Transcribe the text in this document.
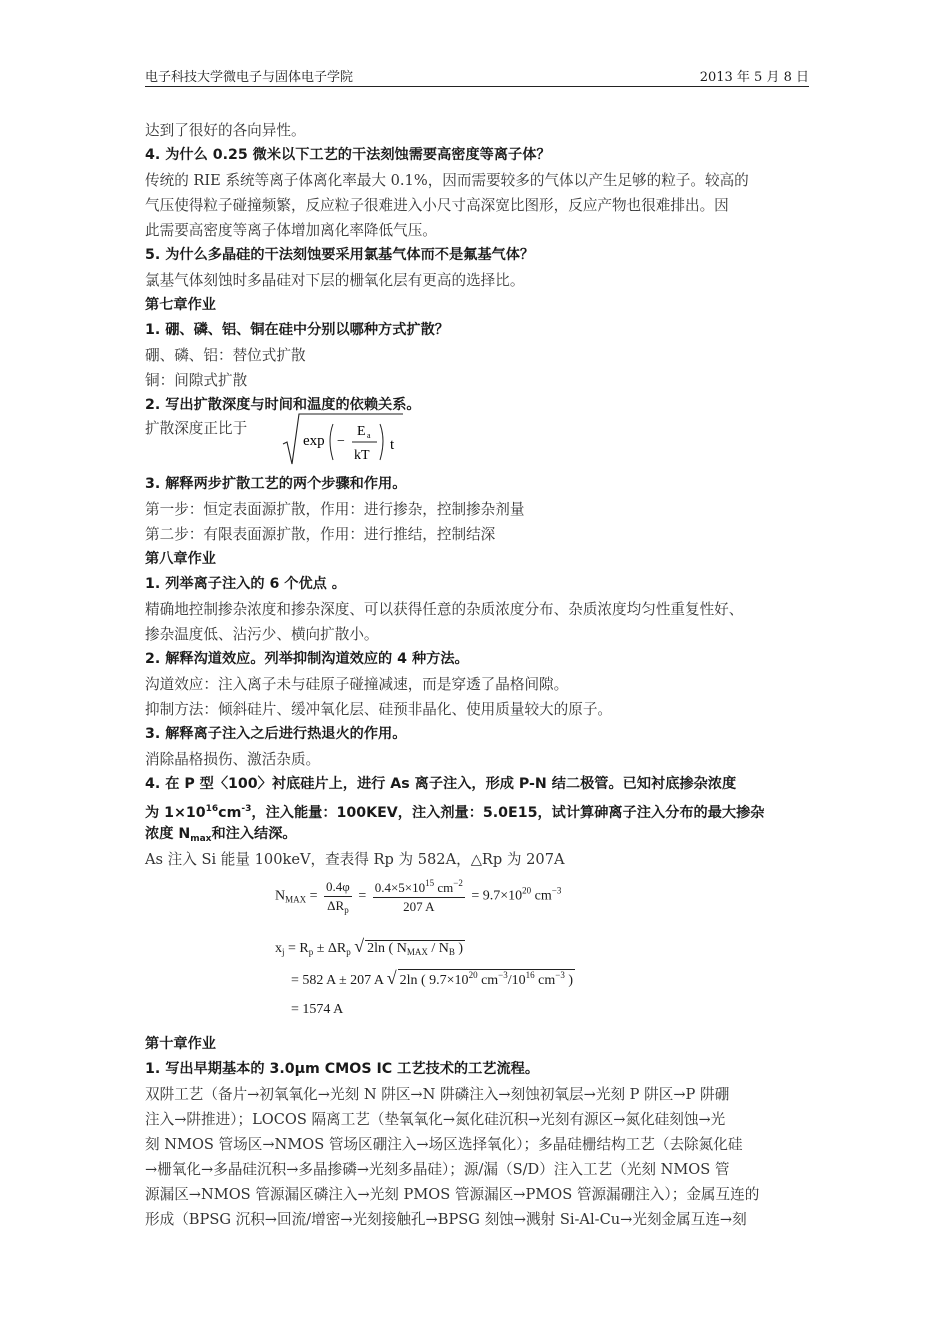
电子科技大学微电子与固体电子学院	2013 年 5 月 8 日
达到了很好的各向异性。
4. 为什么 0.25 微米以下工艺的干法刻蚀需要高密度等离子体？
传统的 RIE 系统等离子体离化率最大 0.1%，因而需要较多的气体以产生足够的粒子。较高的
气压使得粒子碰撞频繁，反应粒子很难进入小尺寸高深宽比图形，反应产物也很难排出。因
此需要高密度等离子体增加离化率降低气压。
5. 为什么多晶硅的干法刻蚀要采用氯基气体而不是氟基气体？
氯基气体刻蚀时多晶硅对下层的栅氧化层有更高的选择比。
第七章作业
1. 硼、磷、铝、铜在硅中分别以哪种方式扩散？
硼、磷、铝：替位式扩散
铜：间隙式扩散
2. 写出扩散深度与时间和温度的依赖关系。
扩散深度正比于
exp −
E a
kT
t
3. 解释两步扩散工艺的两个步骤和作用。
第一步：恒定表面源扩散，作用：进行掺杂，控制掺杂剂量
第二步：有限表面源扩散，作用：进行推结，控制结深
第八章作业
1. 列举离子注入的 6 个优点 。
精确地控制掺杂浓度和掺杂深度、可以获得任意的杂质浓度分布、杂质浓度均匀性重复性好、
掺杂温度低、沾污少、横向扩散小。
2. 解释沟道效应。列举抑制沟道效应的 4 种方法。
沟道效应：注入离子未与硅原子碰撞减速，而是穿透了晶格间隙。
抑制方法：倾斜硅片、缓冲氧化层、硅预非晶化、使用质量较大的原子。
3. 解释离子注入之后进行热退火的作用。
消除晶格损伤、激活杂质。
4. 在 P 型〈100〉衬底硅片上，进行 As 离子注入，形成 P-N 结二极管。已知衬底掺杂浓度
为 $1\times 10^{16}cm^{-3}$，注入能量：100KEV，注入剂量：5.0E15，试计算砷离子注入分布的最大掺杂
浓度 $N_{max}$和注入结深。
As 注入 Si 能量 100keV，查表得 Rp 为 582A，△Rp 为 207A
$N_{MAX} = \frac{0.4\varphi}{\Delta R_p} = \frac{0.4\times 5\times 10^{15} cm^{-2}}{207 A} = 9.7\times 10^{20}$ $cm^{-3}$
$x_j = R_p \pm \Delta R_p$ √ 2ln ( $N_{MAX} / N_B$ )
= 582 A ± 207 A √ 2ln ( $9.7\times 10^{20}$ $cm^{-3}/10^{16}$ $cm^{-3}$ )
= 1574 A
第十章作业
1. 写出早期基本的 3.0μm CMOS IC 工艺技术的工艺流程。
双阱工艺（备片→初氧氧化→光刻 N 阱区→N 阱磷注入→刻蚀初氧层→光刻 P 阱区→P 阱硼
注入→阱推进）；LOCOS 隔离工艺（垫氧氧化→氮化硅沉积→光刻有源区→氮化硅刻蚀→光
刻 NMOS 管场区→NMOS 管场区硼注入→场区选择氧化）；多晶硅栅结构工艺（去除氮化硅
→栅氧化→多晶硅沉积→多晶掺磷→光刻多晶硅）；源/漏（S/D）注入工艺（光刻 NMOS 管
源漏区→NMOS 管源漏区磷注入→光刻 PMOS 管源漏区→PMOS 管源漏硼注入）；金属互连的
形成（BPSG 沉积→回流/增密→光刻接触孔→BPSG 刻蚀→溅射 Si-Al-Cu→光刻金属互连→刻
